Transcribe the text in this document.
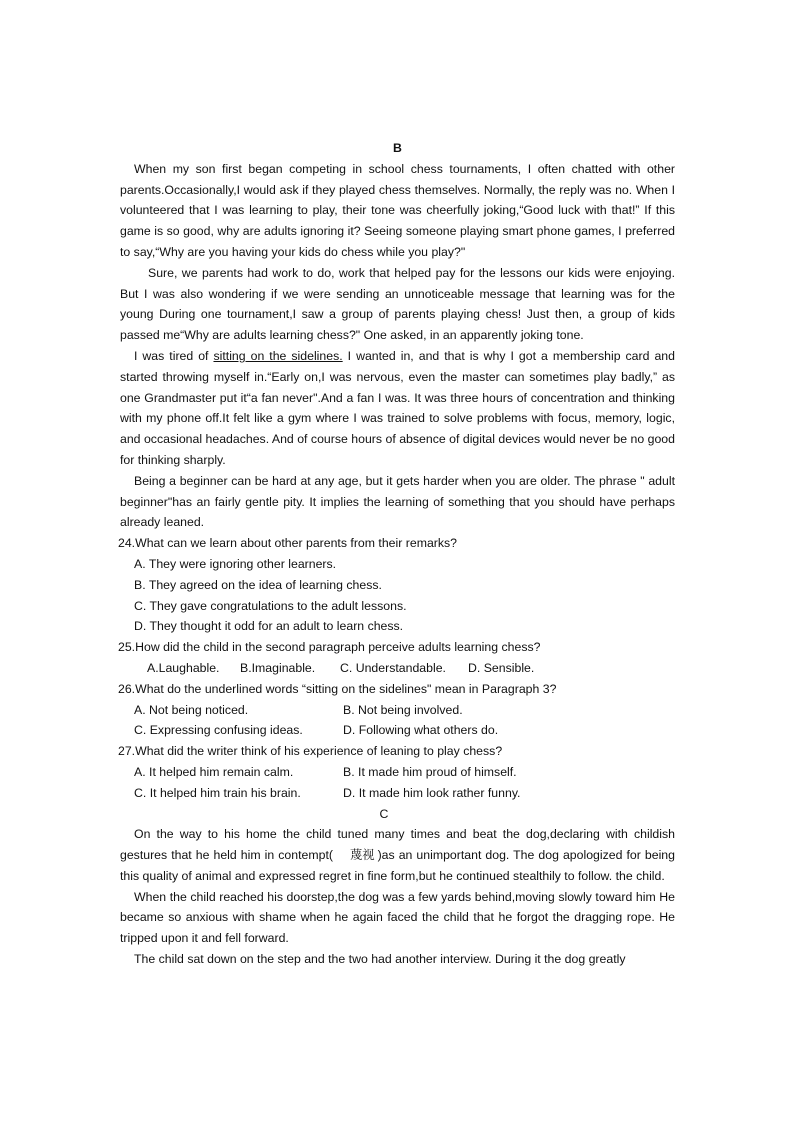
B

When my son first began competing in school chess tournaments, I often chatted with other parents.Occasionally,I would ask if they played chess themselves. Normally, the reply was no. When I volunteered that I was learning to play, their tone was cheerfully joking,“Good luck with that!” If this game is so good, why are adults ignoring it? Seeing someone playing smart phone games, I preferred to say,“Why are you having your kids do chess while you play?"

Sure, we parents had work to do, work that helped pay for the lessons our kids were enjoying. But I was also wondering if we were sending an unnoticeable message that learning was for the young During one tournament,I saw a group of parents playing chess! Just then, a group of kids passed me“Why are adults learning chess?" One asked, in an apparently joking tone.

I was tired of sitting on the sidelines. I wanted in, and that is why I got a membership card and started throwing myself in.“Early on,I was nervous, even the master can sometimes play badly,” as one Grandmaster put it“a fan never".And a fan I was. It was three hours of concentration and thinking with my phone off.It felt like a gym where I was trained to solve problems with focus, memory, logic, and occasional headaches. And of course hours of absence of digital devices would never be no good for thinking sharply.

Being a beginner can be hard at any age, but it gets harder when you are older. The phrase " adult beginner"has an fairly gentle pity. It implies the learning of something that you should have perhaps already leaned.

24.What can we learn about other parents from their remarks?
A. They were ignoring other learners.
B. They agreed on the idea of learning chess.
C. They gave congratulations to the adult lessons.
D. They thought it odd for an adult to learn chess.
25.How did the child in the second paragraph perceive adults learning chess?
A.Laughable.	B.Imaginable.	C. Understandable.	D. Sensible.
26.What do the underlined words “sitting on the sidelines" mean in Paragraph 3?
A. Not being noticed.	B. Not being involved.
C. Expressing confusing ideas.	D. Following what others do.
27.What did the writer think of his experience of leaning to play chess?
A. It helped him remain calm.	B. It made him proud of himself.
C. It helped him train his brain.	D. It made him look rather funny.
C

On the way to his home the child tuned many times and beat the dog,declaring with childish gestures that he held him in contempt( 蔑视 )as an unimportant dog. The dog apologized for being this quality of animal and expressed regret in fine form,but he continued stealthily to follow. the child.

When the child reached his doorstep,the dog was a few yards behind,moving slowly toward him He became so anxious with shame when he again faced the child that he forgot the dragging rope. He tripped upon it and fell forward.

The child sat down on the step and the two had another interview. During it the dog greatly
